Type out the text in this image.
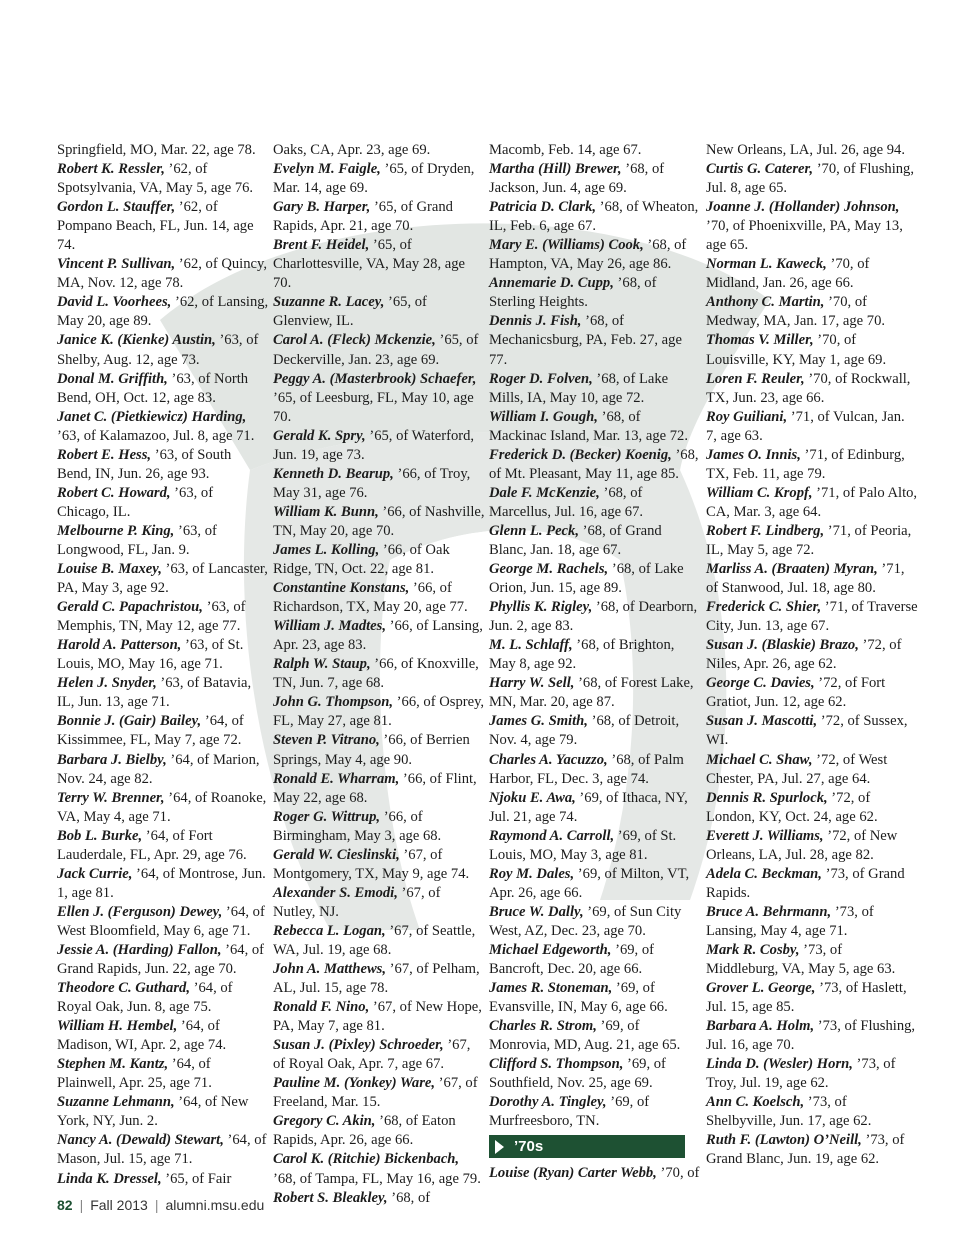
Springfield, MO, Mar. 22, age 78.

Robert K. Ressler, ’62, of Spotsylvania, VA, May 5, age 76.

Gordon L. Stauffer, ’62, of Pompano Beach, FL, Jun. 14, age 74.

Vincent P. Sullivan, ’62, of Quincy, MA, Nov. 12, age 78.

David L. Voorhees, ’62, of Lansing, May 20, age 89.

Janice K. (Kienke) Austin, ’63, of Shelby, Aug. 12, age 73.

Donal M. Griffith, ’63, of North Bend, OH, Oct. 12, age 83.

Janet C. (Pietkiewicz) Harding, ’63, of Kalamazoo, Jul. 8, age 71.

Robert E. Hess, ’63, of South Bend, IN, Jun. 26, age 93.

Robert C. Howard, ’63, of Chicago, IL.

Melbourne P. King, ’63, of Longwood, FL, Jan. 9.

Louise B. Maxey, ’63, of Lancaster, PA, May 3, age 92.

Gerald C. Papachristou, ’63, of Memphis, TN, May 12, age 77.

Harold A. Patterson, ’63, of St. Louis, MO, May 16, age 71.

Helen J. Snyder, ’63, of Batavia, IL, Jun. 13, age 71.

Bonnie J. (Gair) Bailey, ’64, of Kissimmee, FL, May 7, age 72.

Barbara J. Bielby, ’64, of Marion, Nov. 24, age 82.

Terry W. Brenner, ’64, of Roanoke, VA, May 4, age 71.

Bob L. Burke, ’64, of Fort Lauderdale, FL, Apr. 29, age 76.

Jack Currie, ’64, of Montrose, Jun. 1, age 81.

Ellen J. (Ferguson) Dewey, ’64, of West Bloomfield, May 6, age 71.

Jessie A. (Harding) Fallon, ’64, of Grand Rapids, Jun. 22, age 70.

Theodore C. Guthard, ’64, of Royal Oak, Jun. 8, age 75.

William H. Hembel, ’64, of Madison, WI, Apr. 2, age 74.

Stephen M. Kantz, ’64, of Plainwell, Apr. 25, age 71.

Suzanne Lehmann, ’64, of New York, NY, Jun. 2.

Nancy A. (Dewald) Stewart, ’64, of Mason, Jul. 15, age 71.

Linda K. Dressel, ’65, of Fair

Oaks, CA, Apr. 23, age 69.

Evelyn M. Faigle, ’65, of Dryden, Mar. 14, age 69.

Gary B. Harper, ’65, of Grand Rapids, Apr. 21, age 70.

Brent F. Heidel, ’65, of Charlottesville, VA, May 28, age 70.

Suzanne R. Lacey, ’65, of Glenview, IL.

Carol A. (Fleck) Mckenzie, ’65, of Deckerville, Jan. 23, age 69.

Peggy A. (Masterbrook) Schaefer, ’65, of Leesburg, FL, May 10, age 70.

Gerald K. Spry, ’65, of Waterford, Jun. 19, age 73.

Kenneth D. Bearup, ’66, of Troy, May 31, age 76.

William K. Bunn, ’66, of Nashville, TN, May 20, age 70.

James L. Kolling, ’66, of Oak Ridge, TN, Oct. 22, age 81.

Constantine Konstans, ’66, of Richardson, TX, May 20, age 77.

William J. Madtes, ’66, of Lansing, Apr. 23, age 83.

Ralph W. Staup, ’66, of Knoxville, TN, Jun. 7, age 68.

John G. Thompson, ’66, of Osprey, FL, May 27, age 81.

Steven P. Vitrano, ’66, of Berrien Springs, May 4, age 90.

Ronald E. Wharram, ’66, of Flint, May 22, age 68.

Roger G. Wittrup, ’66, of Birmingham, May 3, age 68.

Gerald W. Cieslinski, ’67, of Montgomery, TX, May 9, age 74.

Alexander S. Emodi, ’67, of Nutley, NJ.

Rebecca L. Logan, ’67, of Seattle, WA, Jul. 19, age 68.

John A. Matthews, ’67, of Pelham, AL, Jul. 15, age 78.

Ronald F. Nino, ’67, of New Hope, PA, May 7, age 81.

Susan J. (Pixley) Schroeder, ’67, of Royal Oak, Apr. 7, age 67.

Pauline M. (Yonkey) Ware, ’67, of Freeland, Mar. 15.

Gregory C. Akin, ’68, of Eaton Rapids, Apr. 26, age 66.

Carol K. (Ritchie) Bickenbach, ’68, of Tampa, FL, May 16, age 79.

Robert S. Bleakley, ’68, of

Macomb, Feb. 14, age 67.

Martha (Hill) Brewer, ’68, of Jackson, Jun. 4, age 69.

Patricia D. Clark, ’68, of Wheaton, IL, Feb. 6, age 67.

Mary E. (Williams) Cook, ’68, of Hampton, VA, May 26, age 86.

Annemarie D. Cupp, ’68, of Sterling Heights.

Dennis J. Fish, ’68, of Mechanicsburg, PA, Feb. 27, age 77.

Roger D. Folven, ’68, of Lake Mills, IA, May 10, age 72.

William I. Gough, ’68, of Mackinac Island, Mar. 13, age 72.

Frederick D. (Becker) Koenig, ’68, of Mt. Pleasant, May 11, age 85.

Dale F. McKenzie, ’68, of Marcellus, Jul. 16, age 67.

Glenn L. Peck, ’68, of Grand Blanc, Jan. 18, age 67.

George M. Rachels, ’68, of Lake Orion, Jun. 15, age 89.

Phyllis K. Rigley, ’68, of Dearborn, Jun. 2, age 83.

M. L. Schlaff, ’68, of Brighton, May 8, age 92.

Harry W. Sell, ’68, of Forest Lake, MN, Mar. 20, age 87.

James G. Smith, ’68, of Detroit, Nov. 4, age 79.

Charles A. Yacuzzo, ’68, of Palm Harbor, FL, Dec. 3, age 74.

Njoku E. Awa, ’69, of Ithaca, NY, Jul. 21, age 74.

Raymond A. Carroll, ’69, of St. Louis, MO, May 3, age 81.

Roy M. Dales, ’69, of Milton, VT, Apr. 26, age 66.

Bruce W. Dally, ’69, of Sun City West, AZ, Dec. 23, age 70.

Michael Edgeworth, ’69, of Bancroft, Dec. 20, age 66.

James R. Stoneman, ’69, of Evansville, IN, May 6, age 66.

Charles R. Strom, ’69, of Monrovia, MD, Aug. 21, age 65.

Clifford S. Thompson, ’69, of Southfield, Nov. 25, age 69.

Dorothy A. Tingley, ’69, of Murfreesboro, TN.

’70s

Louise (Ryan) Carter Webb, ’70, of

New Orleans, LA, Jul. 26, age 94.

Curtis G. Caterer, ’70, of Flushing, Jul. 8, age 65.

Joanne J. (Hollander) Johnson, ’70, of Phoenixville, PA, May 13, age 65.

Norman L. Kaweck, ’70, of Midland, Jan. 26, age 66.

Anthony C. Martin, ’70, of Medway, MA, Jan. 17, age 70.

Thomas V. Miller, ’70, of Louisville, KY, May 1, age 69.

Loren F. Reuler, ’70, of Rockwall, TX, Jun. 23, age 66.

Roy Guiliani, ’71, of Vulcan, Jan. 7, age 63.

James O. Innis, ’71, of Edinburg, TX, Feb. 11, age 79.

William C. Kropf, ’71, of Palo Alto, CA, Mar. 3, age 64.

Robert F. Lindberg, ’71, of Peoria, IL, May 5, age 72.

Marliss A. (Braaten) Myran, ’71, of Stanwood, Jul. 18, age 80.

Frederick C. Shier, ’71, of Traverse City, Jun. 13, age 67.

Susan J. (Blaskie) Brazo, ’72, of Niles, Apr. 26, age 62.

George C. Davies, ’72, of Fort Gratiot, Jun. 12, age 62.

Susan J. Mascotti, ’72, of Sussex, WI.

Michael C. Shaw, ’72, of West Chester, PA, Jul. 27, age 64.

Dennis R. Spurlock, ’72, of London, KY, Oct. 24, age 62.

Everett J. Williams, ’72, of New Orleans, LA, Jul. 28, age 82.

Adela C. Beckman, ’73, of Grand Rapids.

Bruce A. Behrmann, ’73, of Lansing, May 4, age 71.

Mark R. Cosby, ’73, of Middleburg, VA, May 5, age 63.

Grover L. George, ’73, of Haslett, Jul. 15, age 85.

Barbara A. Holm, ’73, of Flushing, Jul. 16, age 70.

Linda D. (Wesler) Horn, ’73, of Troy, Jul. 19, age 62.

Ann C. Koelsch, ’73, of Shelbyville, Jun. 17, age 62.

Ruth F. (Lawton) O’Neill, ’73, of Grand Blanc, Jun. 19, age 62.

82 | Fall 2013 | alumni.msu.edu
